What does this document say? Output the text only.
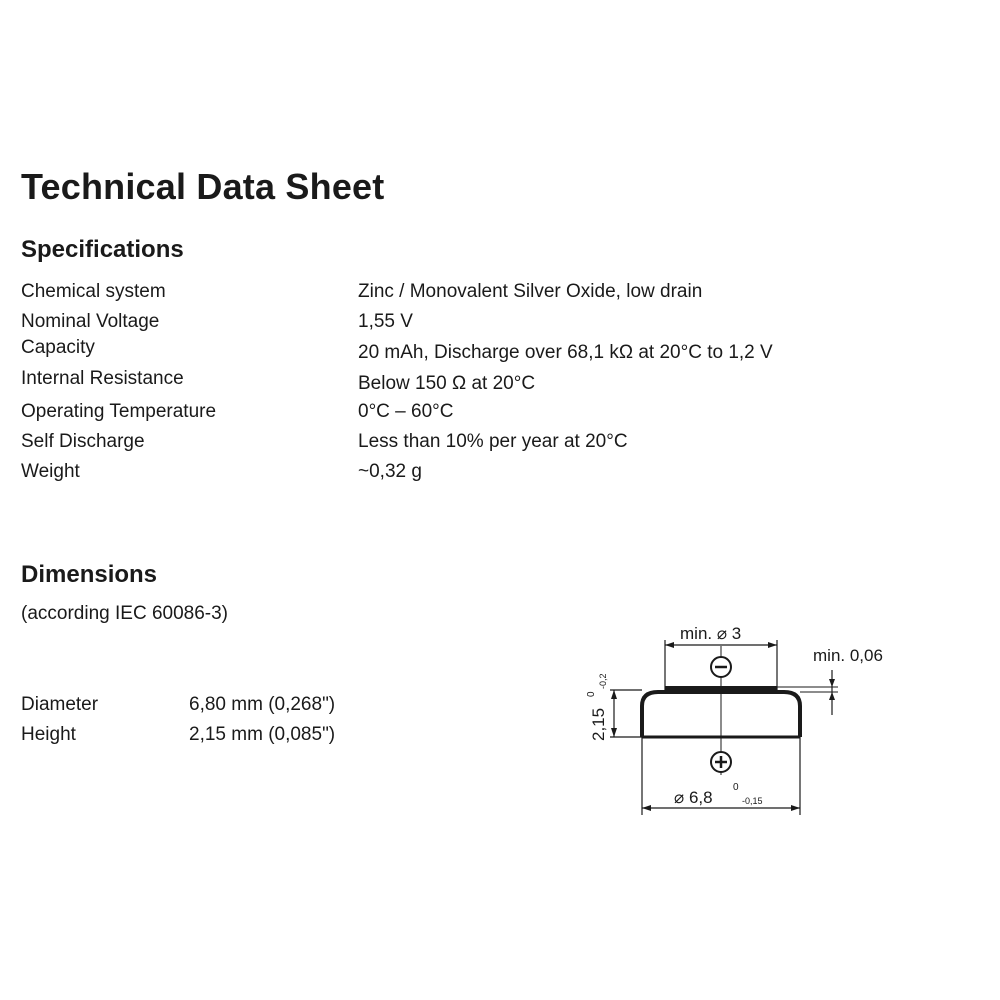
Technical Data Sheet
Specifications
Chemical system	Zinc / Monovalent Silver Oxide, low drain
Nominal Voltage	1,55 V
Capacity	20 mAh, Discharge over 68,1 kΩ at 20°C to 1,2 V
Internal Resistance	Below 150 Ω at 20°C
Operating Temperature	0°C – 60°C
Self Discharge	Less than 10% per year at 20°C
Weight	~0,32 g
Dimensions
(according IEC 60086-3)
Diameter	6,80 mm (0,268")
Height	2,15 mm (0,085")
min. ⌀ 3
min. 0,06
2,15
0
-0,2
⌀ 6,8
0
-0,15
